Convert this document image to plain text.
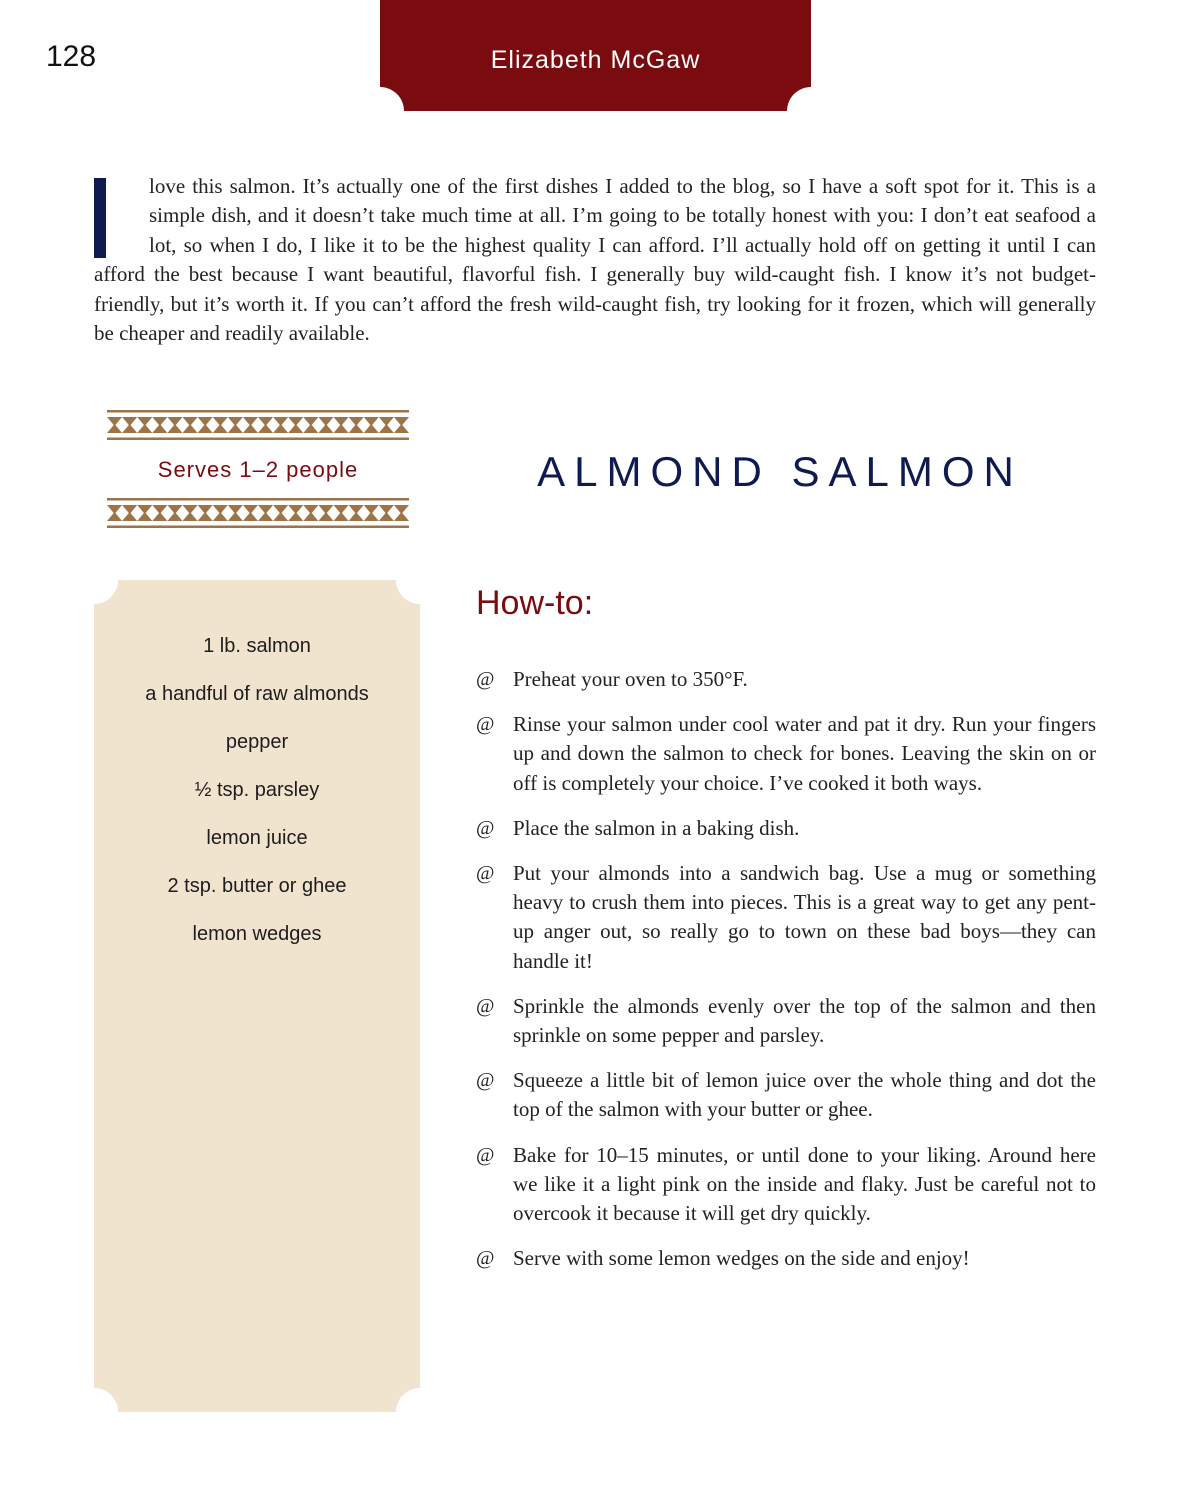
128	Elizabeth McGaw
love this salmon. It’s actually one of the first dishes I added to the blog, so I have a soft spot for it. This is a simple dish, and it doesn’t take much time at all. I’m going to be totally honest with you: I don’t eat seafood a lot, so when I do, I like it to be the highest quality I can afford. I’ll actually hold off on getting it until I can afford the best because I want beautiful, flavorful fish. I generally buy wild-caught fish. I know it’s not budget-friendly, but it’s worth it. If you can’t afford the fresh wild-caught fish, try looking for it frozen, which will generally be cheaper and readily available.
Serves 1–2 people	ALMOND SALMON
1 lb. salmon
a handful of raw almonds
pepper
½ tsp. parsley
lemon juice
2 tsp. butter or ghee
lemon wedges
How-to:
@ Preheat your oven to 350°F.
@ Rinse your salmon under cool water and pat it dry. Run your fingers up and down the salmon to check for bones. Leaving the skin on or off is completely your choice. I’ve cooked it both ways.
@ Place the salmon in a baking dish.
@ Put your almonds into a sandwich bag. Use a mug or something heavy to crush them into pieces. This is a great way to get any pent-up anger out, so really go to town on these bad boys—they can handle it!
@ Sprinkle the almonds evenly over the top of the salmon and then sprinkle on some pepper and parsley.
@ Squeeze a little bit of lemon juice over the whole thing and dot the top of the salmon with your butter or ghee.
@ Bake for 10–15 minutes, or until done to your liking. Around here we like it a light pink on the inside and flaky. Just be careful not to overcook it because it will get dry quickly.
@ Serve with some lemon wedges on the side and enjoy!
